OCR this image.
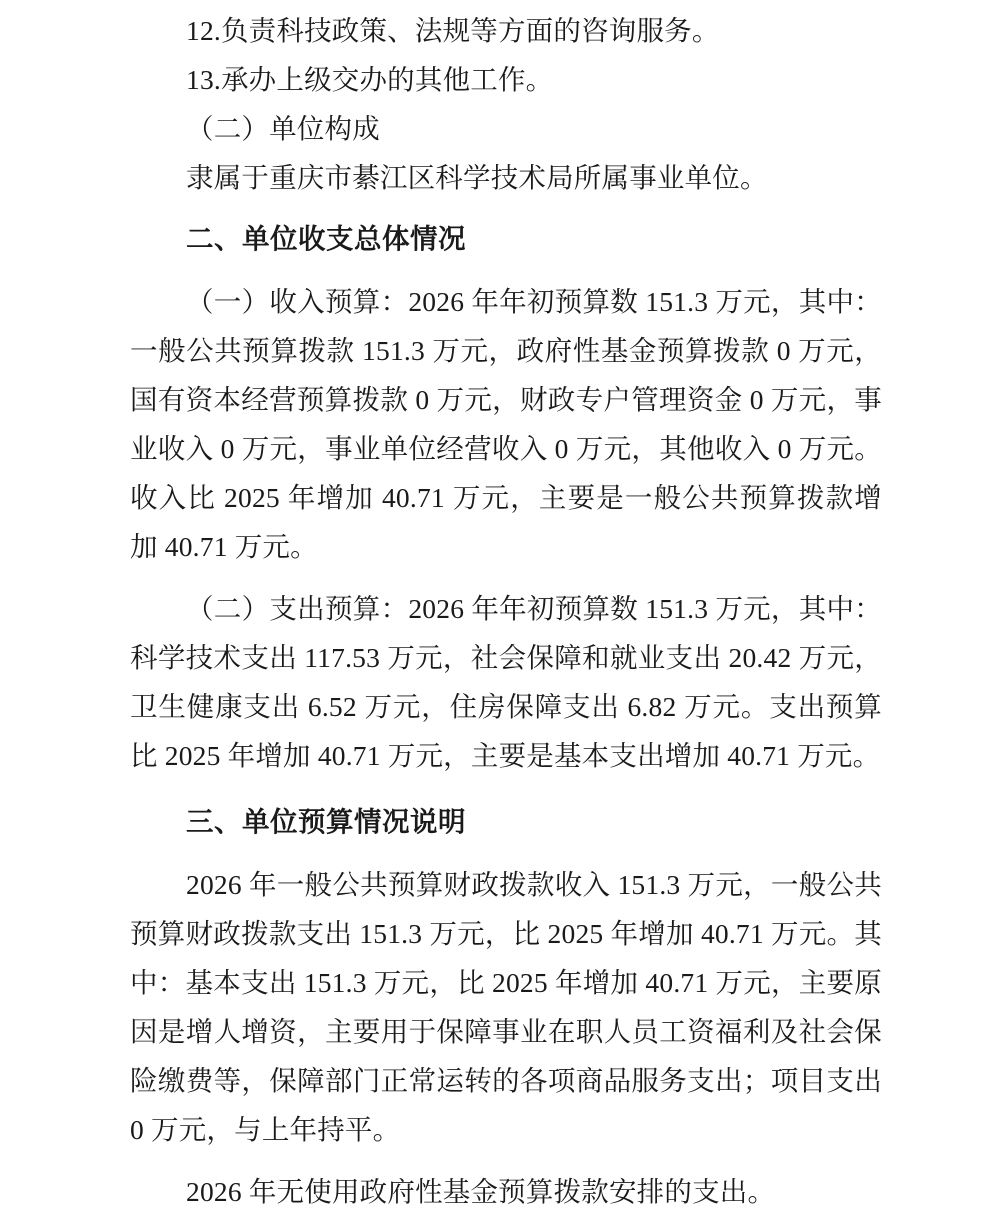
12.负责科技政策、法规等方面的咨询服务。

13.承办上级交办的其他工作。

（二）单位构成

隶属于重庆市綦江区科学技术局所属事业单位。

二、单位收支总体情况

（一）收入预算：2026 年年初预算数 151.3 万元，其中：一般公共预算拨款 151.3 万元，政府性基金预算拨款 0 万元，国有资本经营预算拨款 0 万元，财政专户管理资金 0 万元，事业收入 0 万元，事业单位经营收入 0 万元，其他收入 0 万元。收入比 2025 年增加 40.71 万元，主要是一般公共预算拨款增加 40.71 万元。

（二）支出预算：2026 年年初预算数 151.3 万元，其中：科学技术支出 117.53 万元，社会保障和就业支出 20.42 万元，卫生健康支出 6.52 万元，住房保障支出 6.82 万元。支出预算比 2025 年增加 40.71 万元，主要是基本支出增加 40.71 万元。

三、单位预算情况说明

2026 年一般公共预算财政拨款收入 151.3 万元，一般公共预算财政拨款支出 151.3 万元，比 2025 年增加 40.71 万元。其中：基本支出 151.3 万元，比 2025 年增加 40.71 万元，主要原因是增人增资，主要用于保障事业在职人员工资福利及社会保险缴费等，保障部门正常运转的各项商品服务支出；项目支出 0 万元，与上年持平。

2026 年无使用政府性基金预算拨款安排的支出。
